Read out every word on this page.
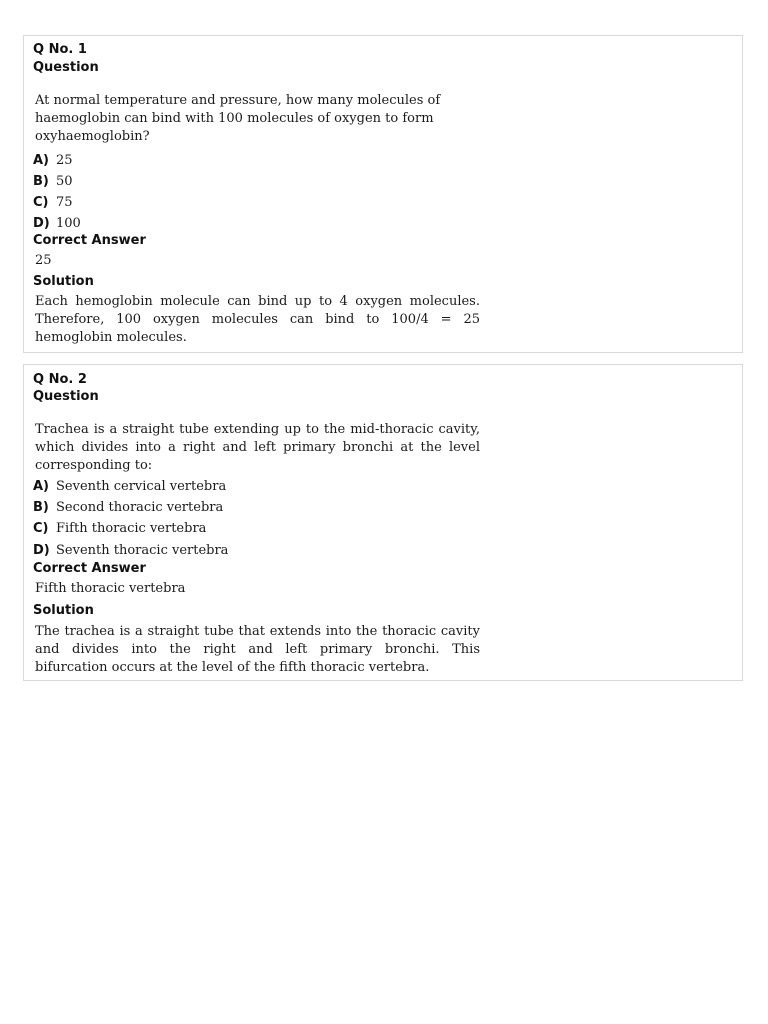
Q No. 1
Question
At normal temperature and pressure, how many molecules of haemoglobin can bind with 100 molecules of oxygen to form oxyhaemoglobin?
A) 25
B) 50
C) 75
D) 100
Correct Answer
25
Solution
Each hemoglobin molecule can bind up to 4 oxygen molecules. Therefore, 100 oxygen molecules can bind to 100/4 = 25 hemoglobin molecules.
Q No. 2
Question
Trachea is a straight tube extending up to the mid-thoracic cavity, which divides into a right and left primary bronchi at the level corresponding to:
A) Seventh cervical vertebra
B) Second thoracic vertebra
C) Fifth thoracic vertebra
D) Seventh thoracic vertebra
Correct Answer
Fifth thoracic vertebra
Solution
The trachea is a straight tube that extends into the thoracic cavity and divides into the right and left primary bronchi. This bifurcation occurs at the level of the fifth thoracic vertebra.
